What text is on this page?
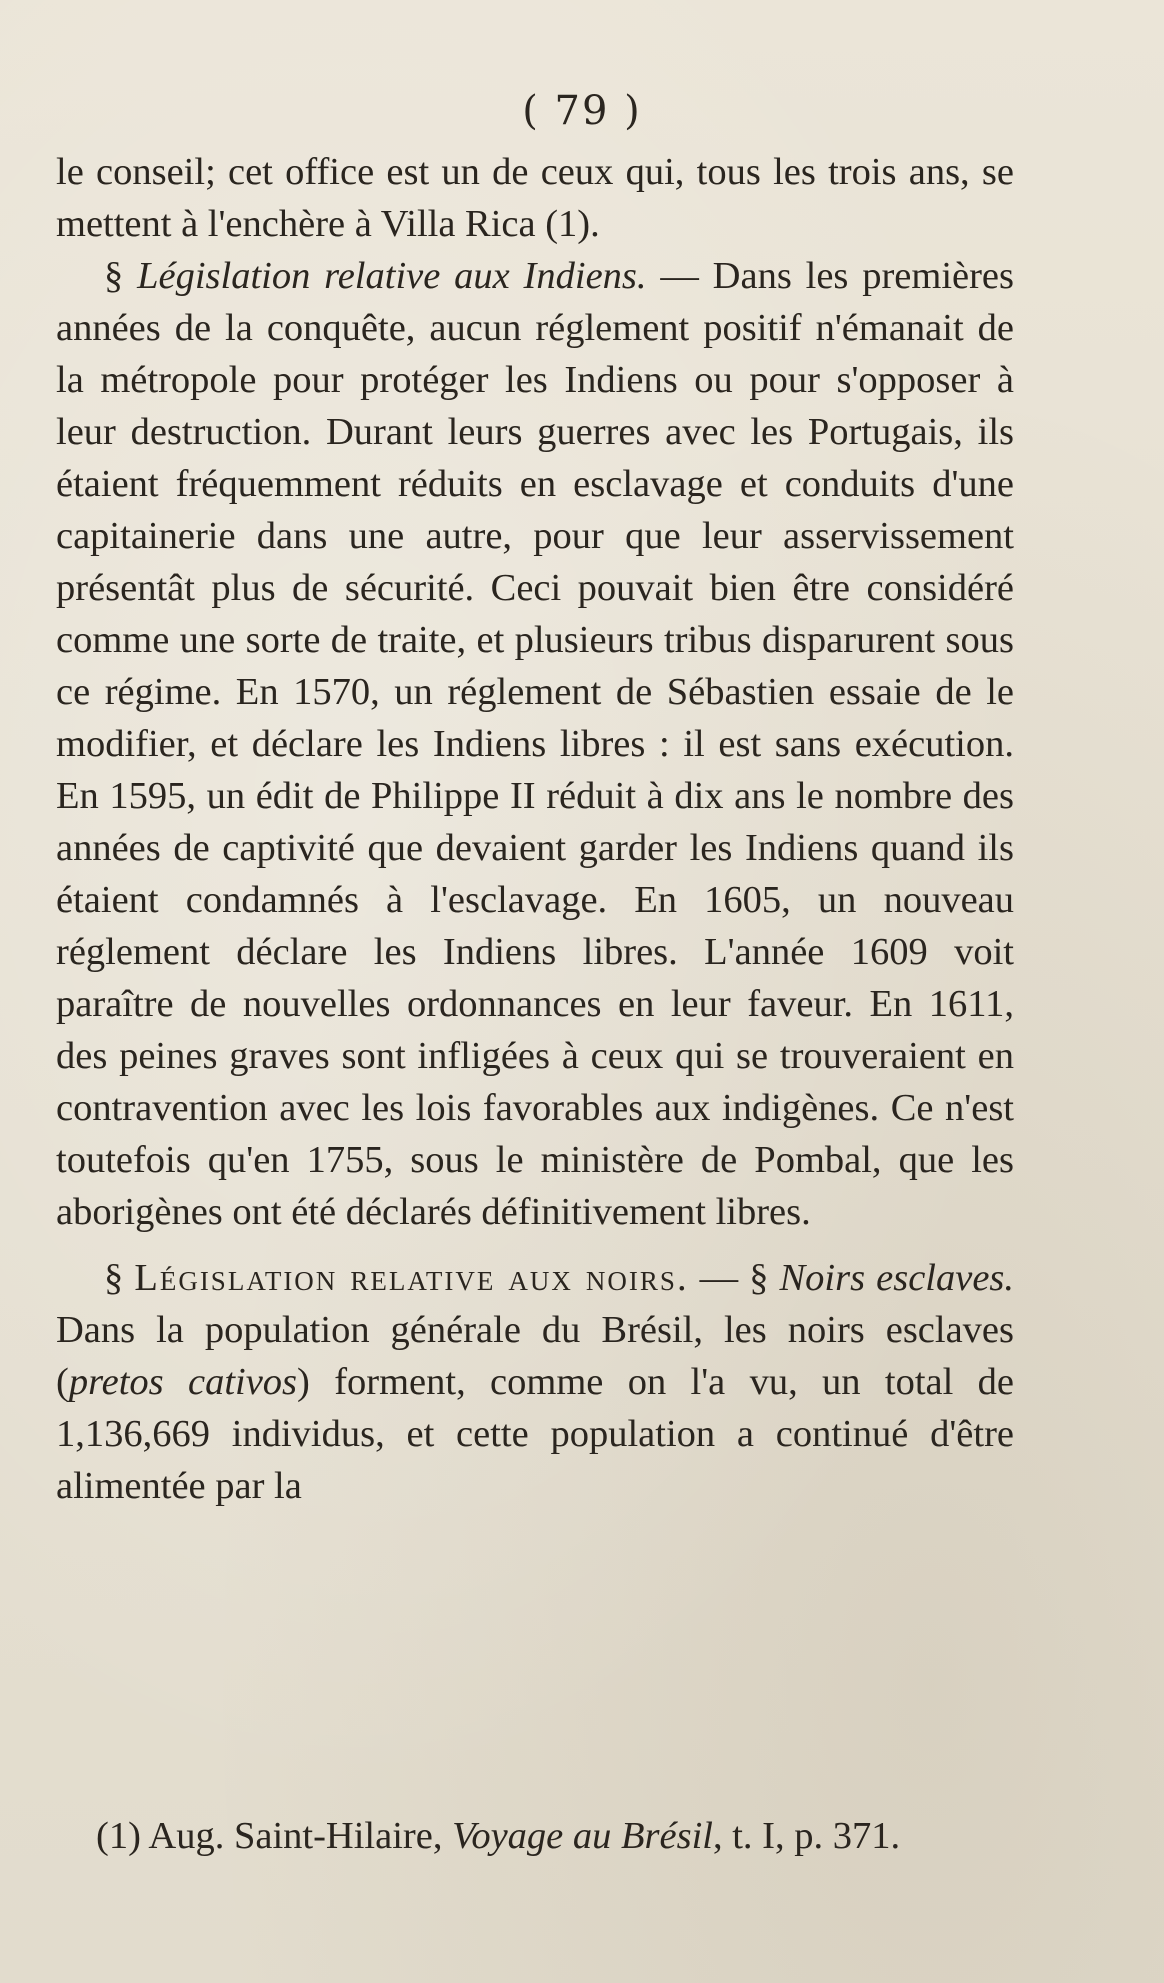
( 79 )

le conseil; cet office est un de ceux qui, tous les trois ans, se mettent à l'enchère à Villa Rica (1).

§ Législation relative aux Indiens. — Dans les premières années de la conquête, aucun réglement positif n'émanait de la métropole pour protéger les Indiens ou pour s'opposer à leur destruction. Durant leurs guerres avec les Portugais, ils étaient fréquemment réduits en esclavage et conduits d'une capitainerie dans une autre, pour que leur asservissement présentât plus de sécurité. Ceci pouvait bien être considéré comme une sorte de traite, et plusieurs tribus disparurent sous ce régime. En 1570, un réglement de Sébastien essaie de le modifier, et déclare les Indiens libres : il est sans exécution. En 1595, un édit de Philippe II réduit à dix ans le nombre des années de captivité que devaient garder les Indiens quand ils étaient condamnés à l'esclavage. En 1605, un nouveau réglement déclare les Indiens libres. L'année 1609 voit paraître de nouvelles ordonnances en leur faveur. En 1611, des peines graves sont infligées à ceux qui se trouveraient en contravention avec les lois favorables aux indigènes. Ce n'est toutefois qu'en 1755, sous le ministère de Pombal, que les aborigènes ont été déclarés définitivement libres.

§ Législation relative aux noirs. — § Noirs esclaves. Dans la population générale du Brésil, les noirs esclaves (pretos cativos) forment, comme on l'a vu, un total de 1,136,669 individus, et cette population a continué d'être alimentée par la

(1) Aug. Saint-Hilaire, Voyage au Brésil, t. I, p. 371.
